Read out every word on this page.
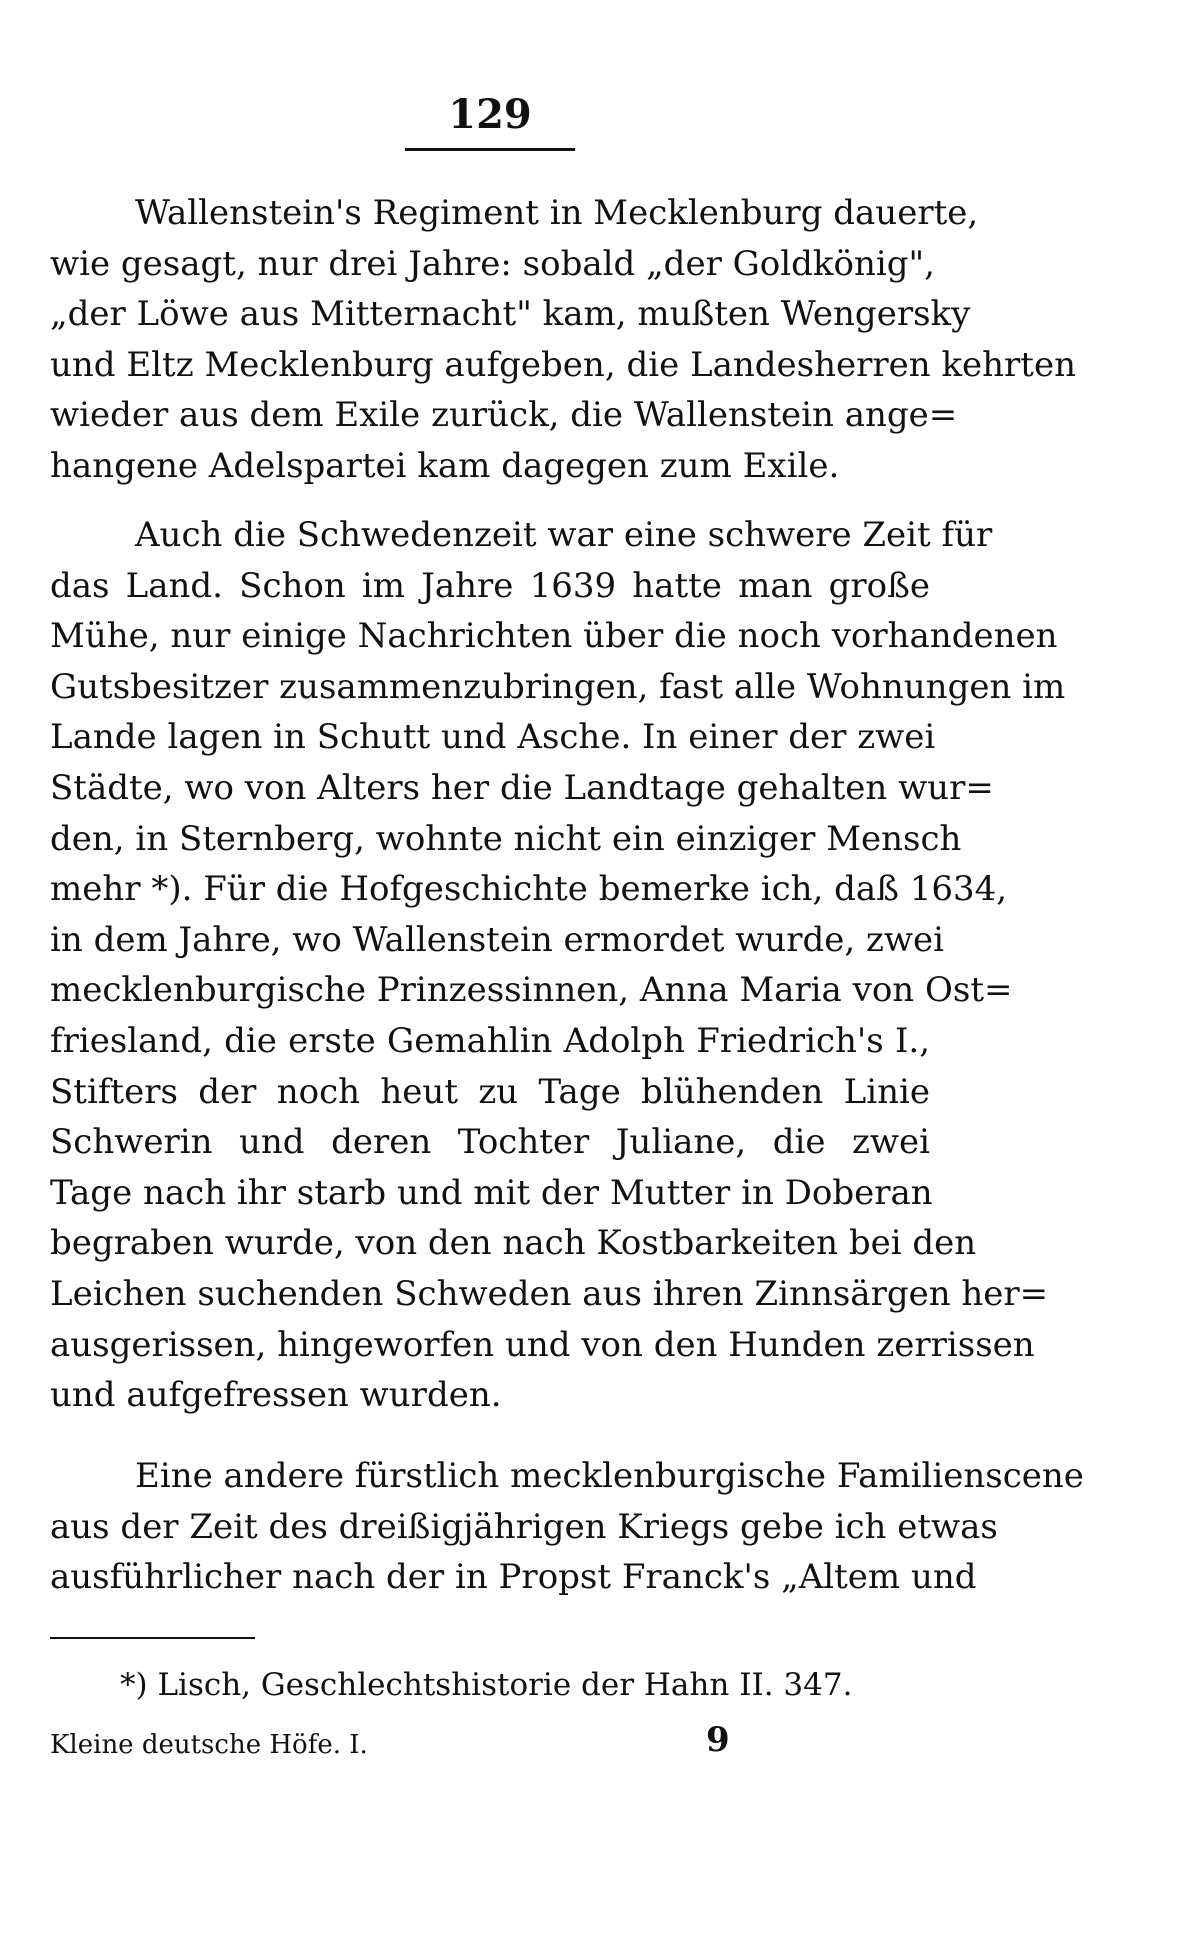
129
Wallenstein's Regiment in Mecklenburg dauerte,
wie gesagt, nur drei Jahre: sobald „der Goldkönig",
„der Löwe aus Mitternacht" kam, mußten Wengersky
und Eltz Mecklenburg aufgeben, die Landesherren kehrten
wieder aus dem Exile zurück, die Wallenstein ange=
hangene Adelspartei kam dagegen zum Exile.
Auch die Schwedenzeit war eine schwere Zeit für
das Land. Schon im Jahre 1639 hatte man große
Mühe, nur einige Nachrichten über die noch vorhandenen
Gutsbesitzer zusammenzubringen, fast alle Wohnungen im
Lande lagen in Schutt und Asche. In einer der zwei
Städte, wo von Alters her die Landtage gehalten wur=
den, in Sternberg, wohnte nicht ein einziger Mensch
mehr *). Für die Hofgeschichte bemerke ich, daß 1634,
in dem Jahre, wo Wallenstein ermordet wurde, zwei
mecklenburgische Prinzessinnen, Anna Maria von Ost=
friesland, die erste Gemahlin Adolph Friedrich's I.,
Stifters der noch heut zu Tage blühenden Linie
Schwerin und deren Tochter Juliane, die zwei
Tage nach ihr starb und mit der Mutter in Doberan
begraben wurde, von den nach Kostbarkeiten bei den
Leichen suchenden Schweden aus ihren Zinnsärgen her=
ausgerissen, hingeworfen und von den Hunden zerrissen
und aufgefressen wurden.
Eine andere fürstlich mecklenburgische Familienscene
aus der Zeit des dreißigjährigen Kriegs gebe ich etwas
ausführlicher nach der in Propst Franck's „Altem und
*) Lisch, Geschlechtshistorie der Hahn II. 347.
Kleine deutsche Höfe. I.	9
